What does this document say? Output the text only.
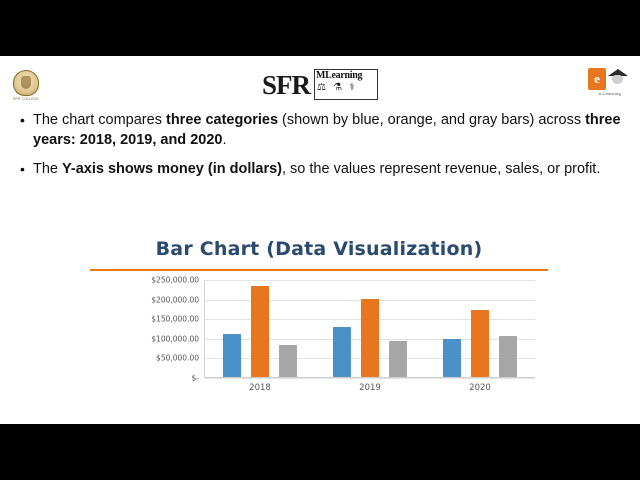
SFR COLLEGE
e
e-Learning
SFR MLearning
⚖ ⚗ ⚕
• The chart compares three categories (shown by blue, orange, and gray bars) across three years: 2018, 2019, and 2020.
• The Y-axis shows money (in dollars), so the values represent revenue, sales, or profit.
Bar Chart (Data Visualization)
$250,000.00
$200,000.00
$150,000.00
$100,000.00
$50,000.00
$-
2018	2019	2020
